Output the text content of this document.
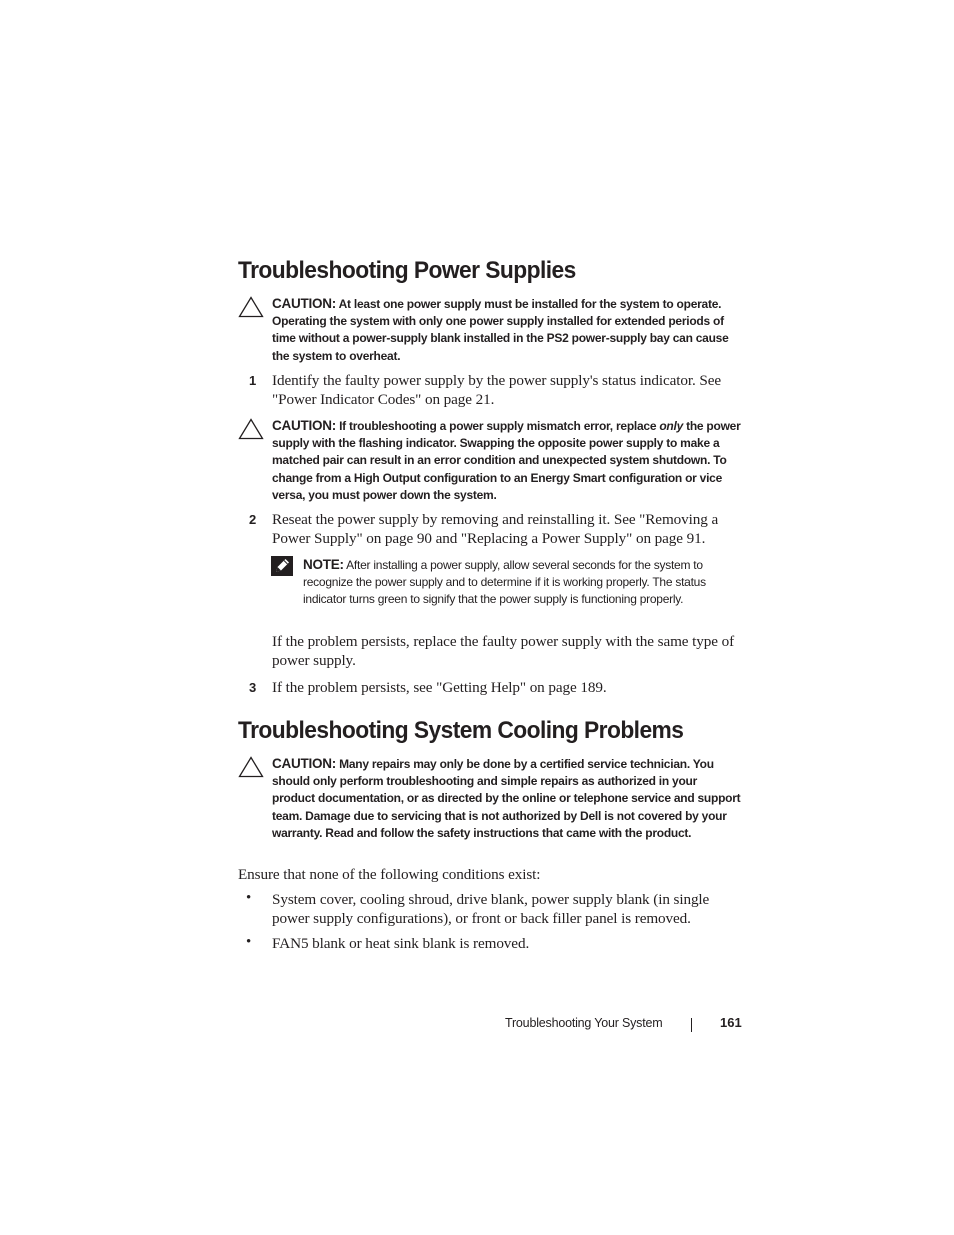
Troubleshooting Power Supplies
CAUTION: At least one power supply must be installed for the system to operate. Operating the system with only one power supply installed for extended periods of time without a power-supply blank installed in the PS2 power-supply bay can cause the system to overheat.
1 Identify the faulty power supply by the power supply's status indicator. See "Power Indicator Codes" on page 21.
CAUTION: If troubleshooting a power supply mismatch error, replace only the power supply with the flashing indicator. Swapping the opposite power supply to make a matched pair can result in an error condition and unexpected system shutdown. To change from a High Output configuration to an Energy Smart configuration or vice versa, you must power down the system.
2 Reseat the power supply by removing and reinstalling it. See "Removing a Power Supply" on page 90 and "Replacing a Power Supply" on page 91.
NOTE: After installing a power supply, allow several seconds for the system to recognize the power supply and to determine if it is working properly. The status indicator turns green to signify that the power supply is functioning properly.
If the problem persists, replace the faulty power supply with the same type of power supply.
3 If the problem persists, see "Getting Help" on page 189.
Troubleshooting System Cooling Problems
CAUTION: Many repairs may only be done by a certified service technician. You should only perform troubleshooting and simple repairs as authorized in your product documentation, or as directed by the online or telephone service and support team. Damage due to servicing that is not authorized by Dell is not covered by your warranty. Read and follow the safety instructions that came with the product.
Ensure that none of the following conditions exist:
• System cover, cooling shroud, drive blank, power supply blank (in single power supply configurations), or front or back filler panel is removed.
• FAN5 blank or heat sink blank is removed.
Troubleshooting Your System	161
